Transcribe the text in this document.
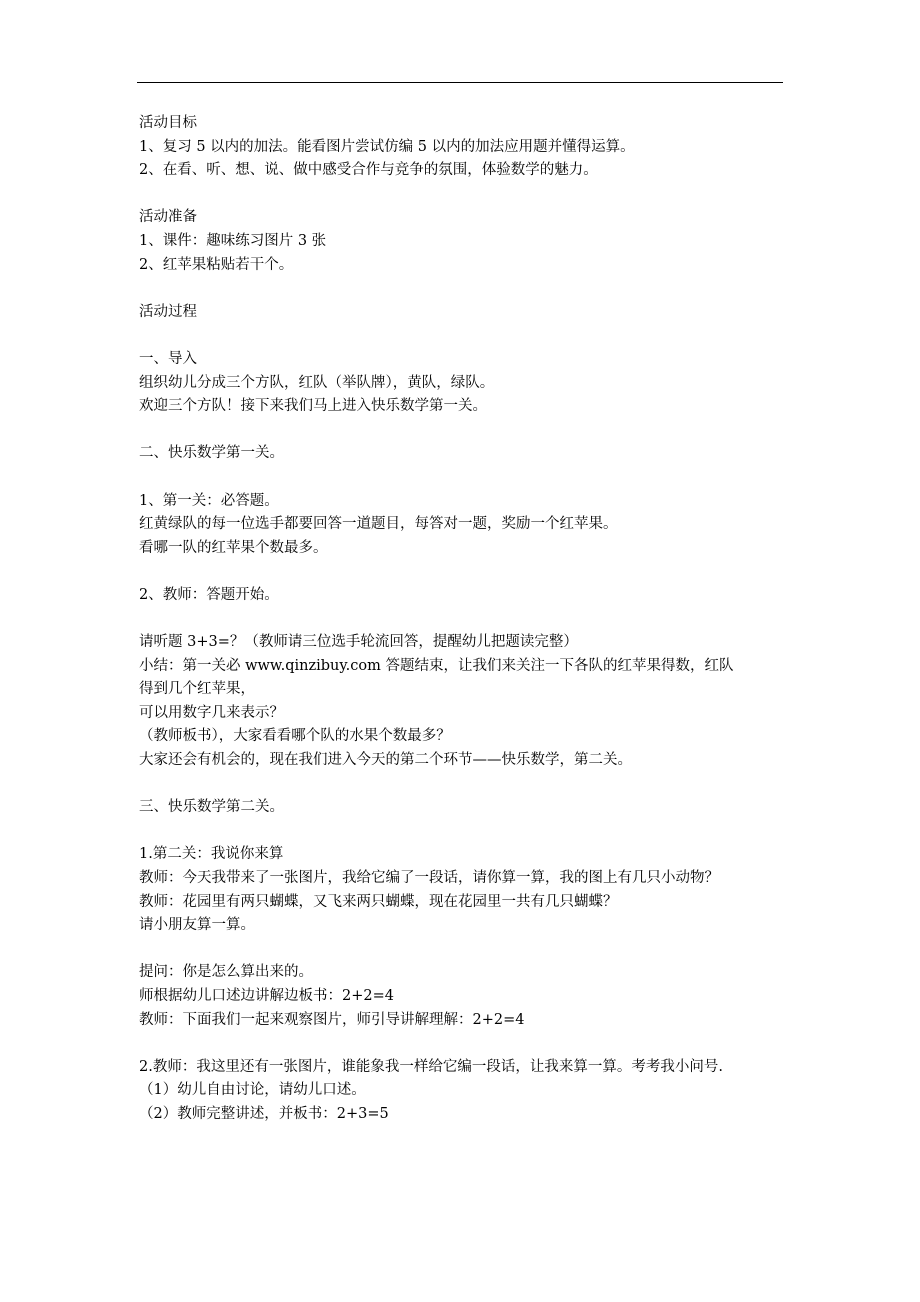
活动目标
1、复习 5 以内的加法。能看图片尝试仿编 5 以内的加法应用题并懂得运算。
2、在看、听、想、说、做中感受合作与竞争的氛围，体验数学的魅力。
活动准备
1、课件：趣味练习图片 3 张
2、红苹果粘贴若干个。
活动过程
一、导入
组织幼儿分成三个方队，红队（举队牌），黄队，绿队。
欢迎三个方队！接下来我们马上进入快乐数学第一关。
二、快乐数学第一关。
1、第一关：必答题。
红黄绿队的每一位选手都要回答一道题目，每答对一题，奖励一个红苹果。
看哪一队的红苹果个数最多。
2、教师：答题开始。
请听题 3+3=？（教师请三位选手轮流回答，提醒幼儿把题读完整）
小结：第一关必 www.qinzibuy.com 答题结束，让我们来关注一下各队的红苹果得数，红队
得到几个红苹果，
可以用数字几来表示？
（教师板书），大家看看哪个队的水果个数最多？
大家还会有机会的，现在我们进入今天的第二个环节——快乐数学，第二关。
三、快乐数学第二关。
1.第二关：我说你来算
教师：今天我带来了一张图片，我给它编了一段话，请你算一算，我的图上有几只小动物？
教师：花园里有两只蝴蝶，又飞来两只蝴蝶，现在花园里一共有几只蝴蝶？
请小朋友算一算。
提问：你是怎么算出来的。
师根据幼儿口述边讲解边板书：2+2=4
教师：下面我们一起来观察图片，师引导讲解理解：2+2=4
2.教师：我这里还有一张图片，谁能象我一样给它编一段话，让我来算一算。考考我小问号.
（1）幼儿自由讨论，请幼儿口述。
（2）教师完整讲述，并板书：2+3=5
